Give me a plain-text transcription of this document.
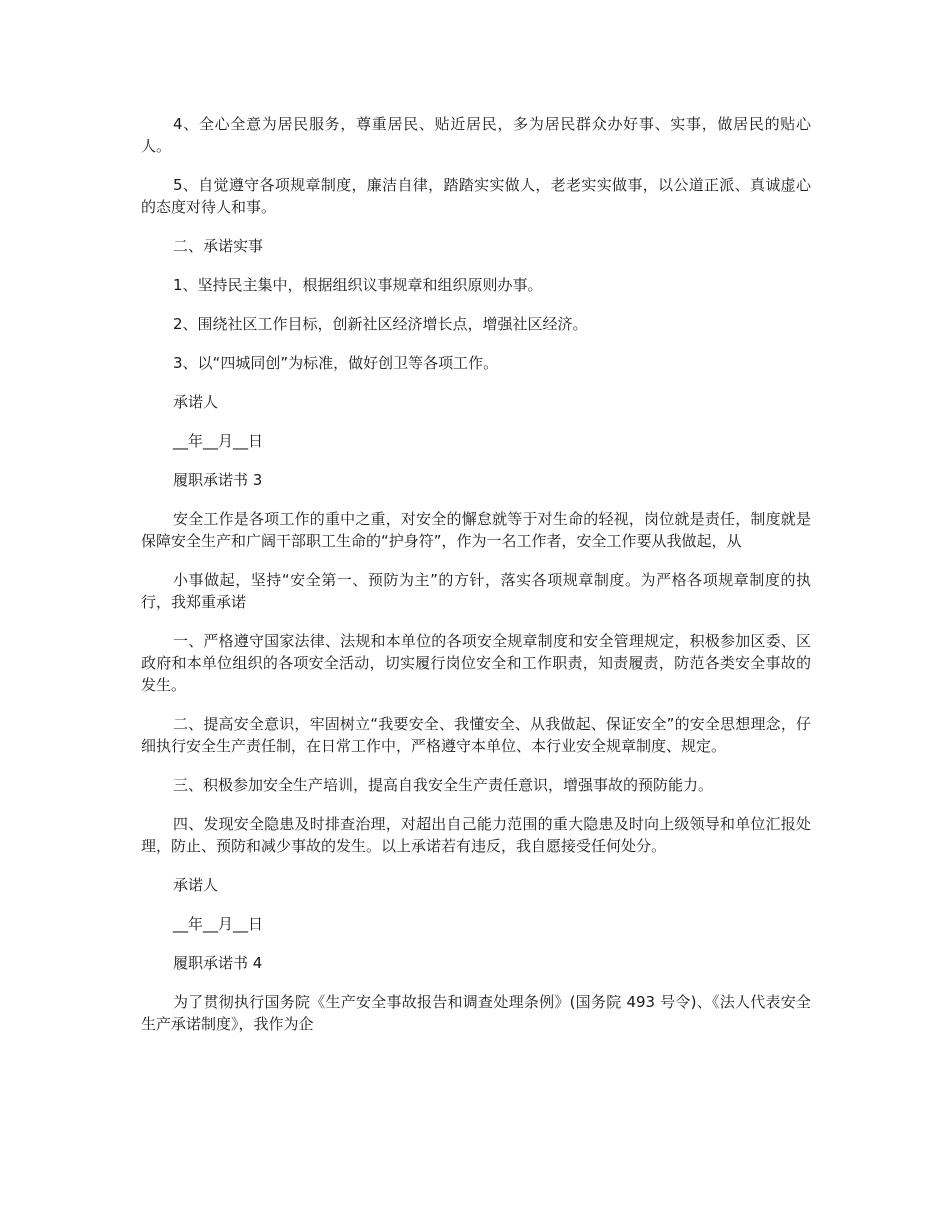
4、全心全意为居民服务，尊重居民、贴近居民，多为居民群众办好事、实事，做居民的贴心人。

5、自觉遵守各项规章制度，廉洁自律，踏踏实实做人，老老实实做事，以公道正派、真诚虚心的态度对待人和事。

二、承诺实事

1、坚持民主集中，根据组织议事规章和组织原则办事。

2、围绕社区工作目标，创新社区经济增长点，增强社区经济。

3、以“四城同创”为标准，做好创卫等各项工作。

承诺人

__年__月__日

履职承诺书 3

安全工作是各项工作的重中之重，对安全的懈怠就等于对生命的轻视，岗位就是责任，制度就是保障安全生产和广阔干部职工生命的“护身符”，作为一名工作者，安全工作要从我做起，从

小事做起，坚持“安全第一、预防为主”的方针，落实各项规章制度。为严格各项规章制度的执行，我郑重承诺

一、严格遵守国家法律、法规和本单位的各项安全规章制度和安全管理规定，积极参加区委、区政府和本单位组织的各项安全活动，切实履行岗位安全和工作职责，知责履责，防范各类安全事故的发生。

二、提高安全意识，牢固树立“我要安全、我懂安全、从我做起、保证安全”的安全思想理念，仔细执行安全生产责任制，在日常工作中，严格遵守本单位、本行业安全规章制度、规定。

三、积极参加安全生产培训，提高自我安全生产责任意识，增强事故的预防能力。

四、发现安全隐患及时排查治理，对超出自己能力范围的重大隐患及时向上级领导和单位汇报处理，防止、预防和减少事故的发生。以上承诺若有违反，我自愿接受任何处分。

承诺人

__年__月__日

履职承诺书 4

为了贯彻执行国务院《生产安全事故报告和调查处理条例》(国务院 493 号令)、《法人代表安全生产承诺制度》，我作为企
